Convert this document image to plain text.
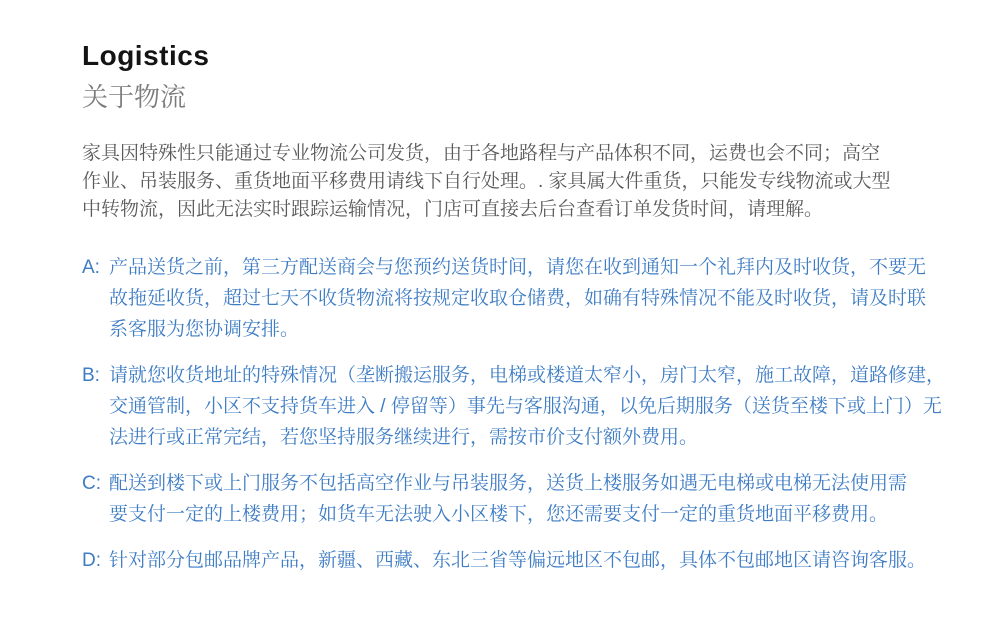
Logistics
关于物流
家具因特殊性只能通过专业物流公司发货，由于各地路程与产品体积不同，运费也会不同；高空
作业、吊装服务、重货地面平移费用请线下自行处理。. 家具属大件重货，只能发专线物流或大型
中转物流，因此无法实时跟踪运输情况，门店可直接去后台查看订单发货时间，请理解。
A: 产品送货之前，第三方配送商会与您预约送货时间，请您在收到通知一个礼拜内及时收货，不要无
故拖延收货，超过七天不收货物流将按规定收取仓储费，如确有特殊情况不能及时收货，请及时联
系客服为您协调安排。
B: 请就您收货地址的特殊情况（垄断搬运服务，电梯或楼道太窄小，房门太窄，施工故障，道路修建，
交通管制，小区不支持货车进入 / 停留等）事先与客服沟通，以免后期服务（送货至楼下或上门）无
法进行或正常完结，若您坚持服务继续进行，需按市价支付额外费用。
C: 配送到楼下或上门服务不包括高空作业与吊装服务，送货上楼服务如遇无电梯或电梯无法使用需
要支付一定的上楼费用；如货车无法驶入小区楼下，您还需要支付一定的重货地面平移费用。
D: 针对部分包邮品牌产品，新疆、西藏、东北三省等偏远地区不包邮，具体不包邮地区请咨询客服。
